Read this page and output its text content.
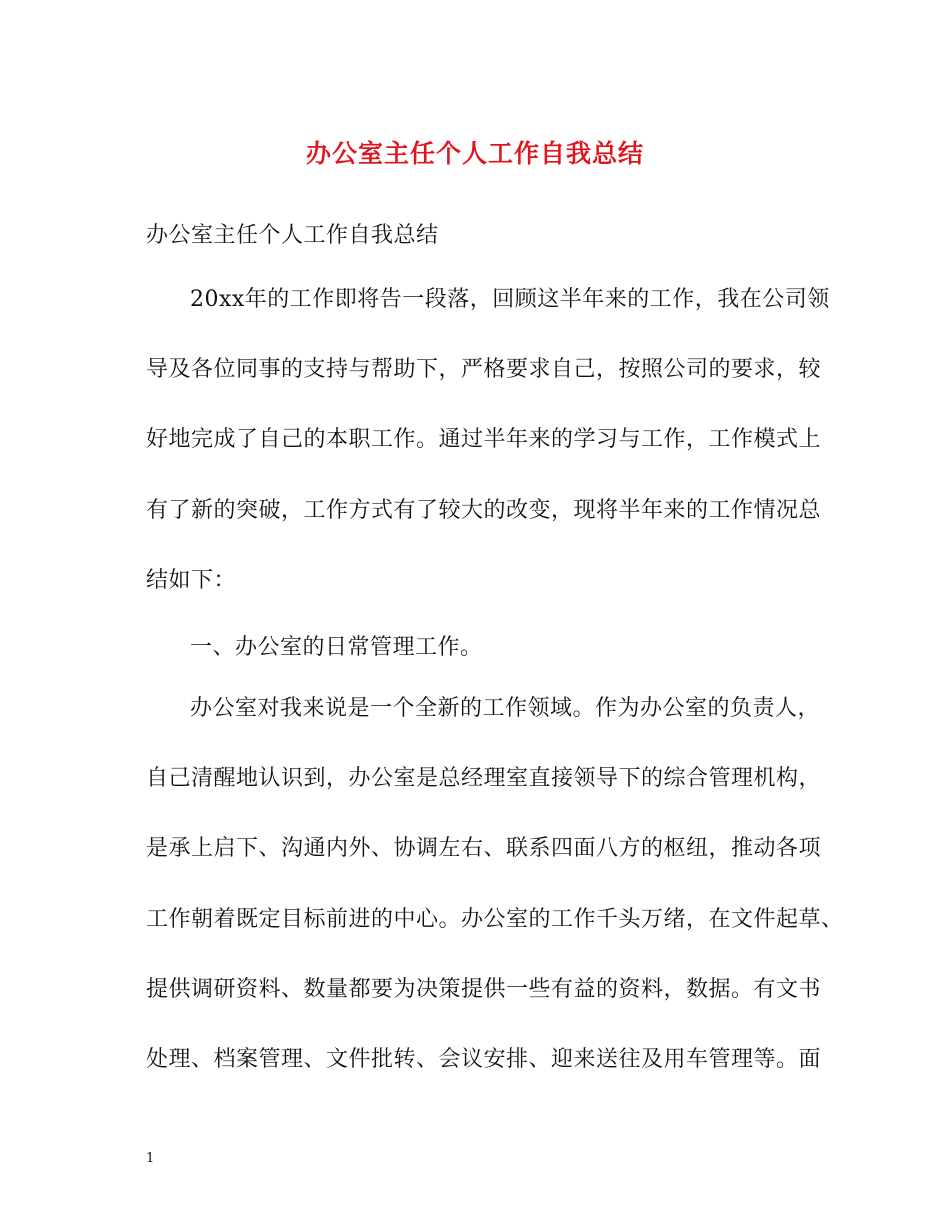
办公室主任个人工作自我总结
办公室主任个人工作自我总结
20xx年的工作即将告一段落，回顾这半年来的工作，我在公司领
导及各位同事的支持与帮助下，严格要求自己，按照公司的要求，较
好地完成了自己的本职工作。通过半年来的学习与工作，工作模式上
有了新的突破，工作方式有了较大的改变，现将半年来的工作情况总
结如下：
一、办公室的日常管理工作。
办公室对我来说是一个全新的工作领域。作为办公室的负责人，
自己清醒地认识到，办公室是总经理室直接领导下的综合管理机构，
是承上启下、沟通内外、协调左右、联系四面八方的枢纽，推动各项
工作朝着既定目标前进的中心。办公室的工作千头万绪，在文件起草、
提供调研资料、数量都要为决策提供一些有益的资料，数据。有文书
处理、档案管理、文件批转、会议安排、迎来送往及用车管理等。面
1
